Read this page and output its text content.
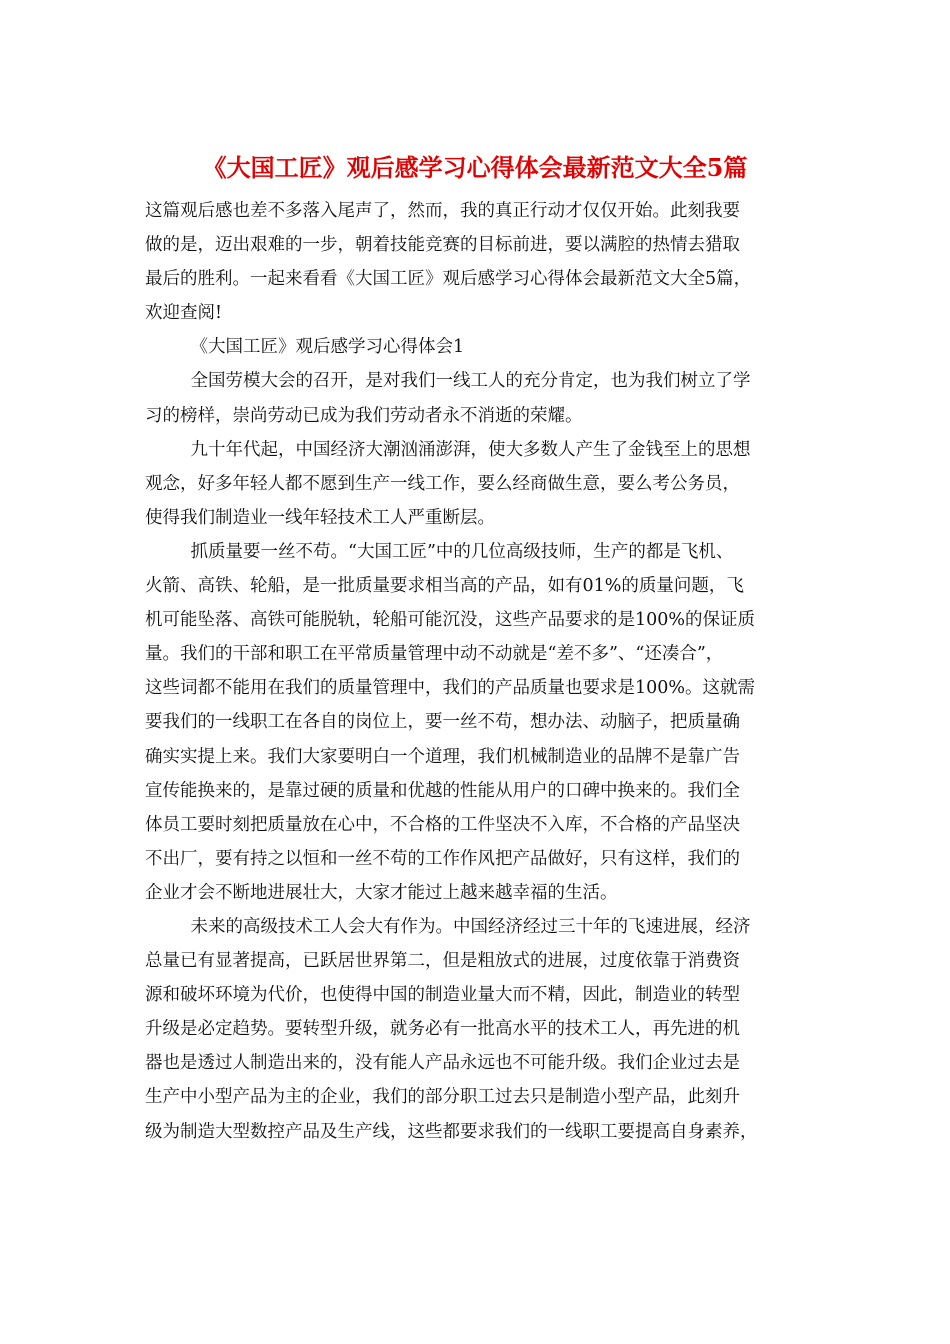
《大国工匠》观后感学习心得体会最新范文大全5篇

这篇观后感也差不多落入尾声了，然而，我的真正行动才仅仅开始。此刻我要
做的是，迈出艰难的一步，朝着技能竞赛的目标前进，要以满腔的热情去猎取
最后的胜利。一起来看看《大国工匠》观后感学习心得体会最新范文大全5篇，
欢迎查阅!

《大国工匠》观后感学习心得体会1

全国劳模大会的召开，是对我们一线工人的充分肯定，也为我们树立了学
习的榜样，崇尚劳动已成为我们劳动者永不消逝的荣耀。

九十年代起，中国经济大潮汹涌澎湃，使大多数人产生了金钱至上的思想
观念，好多年轻人都不愿到生产一线工作，要么经商做生意，要么考公务员，
使得我们制造业一线年轻技术工人严重断层。

抓质量要一丝不苟。“大国工匠”中的几位高级技师，生产的都是飞机、
火箭、高铁、轮船，是一批质量要求相当高的产品，如有01%的质量问题，飞
机可能坠落、高铁可能脱轨，轮船可能沉没，这些产品要求的是100%的保证质
量。我们的干部和职工在平常质量管理中动不动就是“差不多”、“还凑合”，
这些词都不能用在我们的质量管理中，我们的产品质量也要求是100%。这就需
要我们的一线职工在各自的岗位上，要一丝不苟，想办法、动脑子，把质量确
确实实提上来。我们大家要明白一个道理，我们机械制造业的品牌不是靠广告
宣传能换来的，是靠过硬的质量和优越的性能从用户的口碑中换来的。我们全
体员工要时刻把质量放在心中，不合格的工件坚决不入库，不合格的产品坚决
不出厂，要有持之以恒和一丝不苟的工作作风把产品做好，只有这样，我们的
企业才会不断地进展壮大，大家才能过上越来越幸福的生活。

未来的高级技术工人会大有作为。中国经济经过三十年的飞速进展，经济
总量已有显著提高，已跃居世界第二，但是粗放式的进展，过度依靠于消费资
源和破坏环境为代价，也使得中国的制造业量大而不精，因此，制造业的转型
升级是必定趋势。要转型升级，就务必有一批高水平的技术工人，再先进的机
器也是透过人制造出来的，没有能人产品永远也不可能升级。我们企业过去是
生产中小型产品为主的企业，我们的部分职工过去只是制造小型产品，此刻升
级为制造大型数控产品及生产线，这些都要求我们的一线职工要提高自身素养，
